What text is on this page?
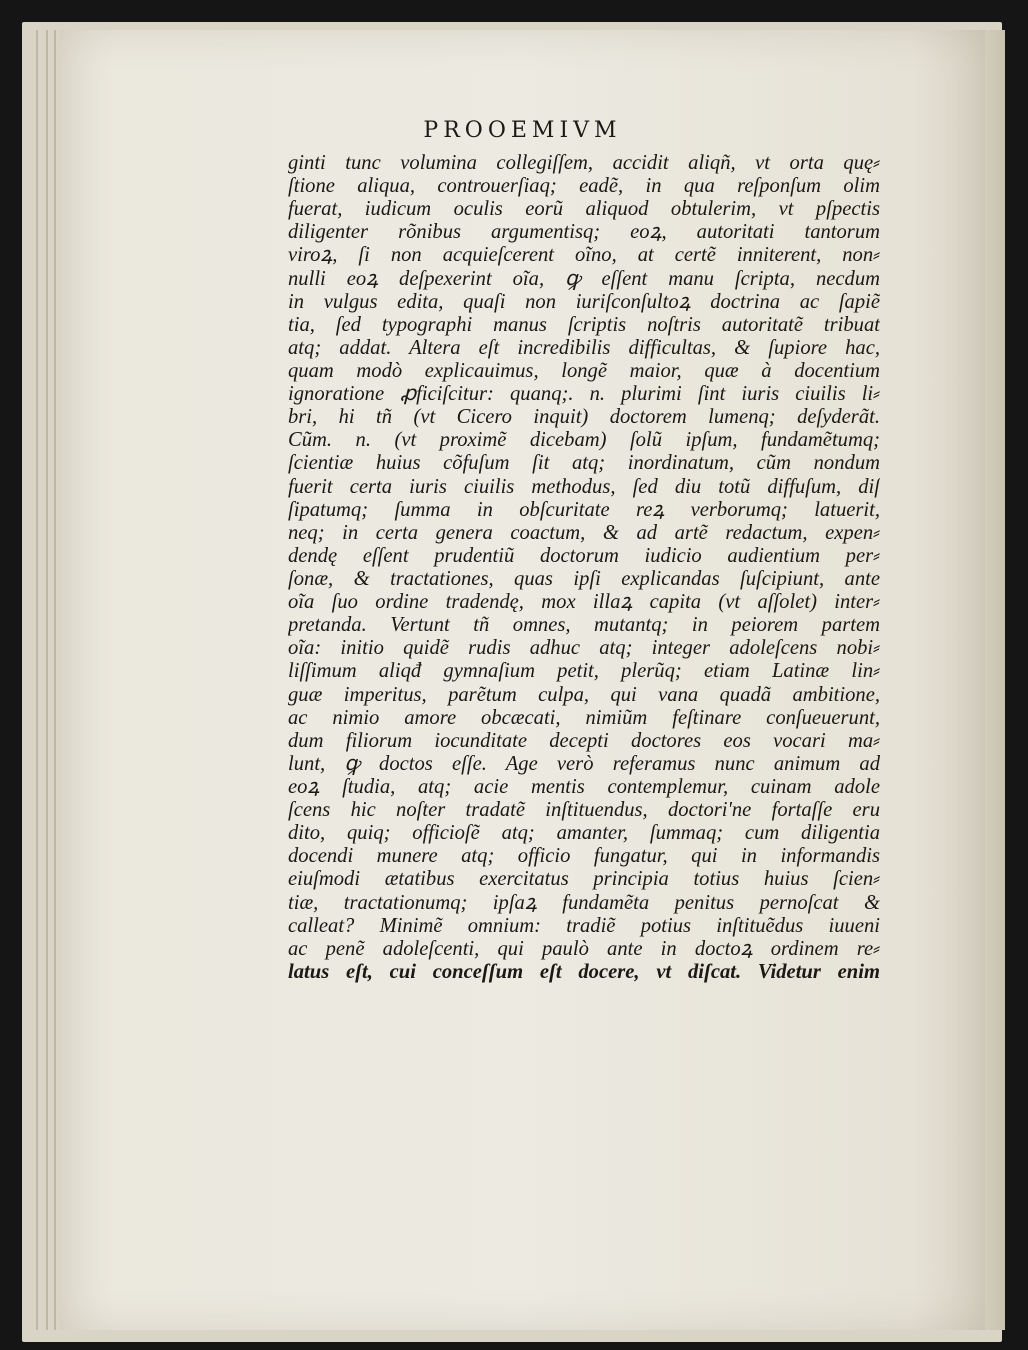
PROOEMIVM
ginti tunc volumina collegiſſem, accidit aliqñ, vt orta quę⸗
ſtione aliqua, controuerſiaq; eadẽ, in qua reſponſum olim
fuerat, iudicum oculis eorũ aliquod obtulerim, vt pſpectis
diligenter rõnibus argumentisq; eoꝝ, autoritati tantorum
viroꝝ, ſi non acquieſcerent oĩno, at certẽ inniterent, non⸗
nulli eoꝝ deſpexerint oĩa, ꝙ eſſent manu ſcripta, necdum
in vulgus edita, quaſi non iuriſconſultoꝝ doctrina ac ſapiẽ
tia, ſed typographi manus ſcriptis noſtris autoritatẽ tribuat
atq; addat. Altera eſt incredibilis difficultas, & ſupiore hac,
quam modò explicauimus, longẽ maior, quæ à docentium
ignoratione ꝓficiſcitur: quanq;. n. plurimi ſint iuris ciuilis li⸗
bri, hi tñ (vt Cicero inquit) doctorem lumenq; deſyderãt.
Cũm. n. (vt proximẽ dicebam) ſolũ ipſum, fundamẽtumq;
ſcientiæ huius cõfuſum ſit atq; inordinatum, cũm nondum
fuerit certa iuris ciuilis methodus, ſed diu totũ diffuſum, diſ
ſipatumq; ſumma in obſcuritate reꝝ verborumq; latuerit,
neq; in certa genera coactum, & ad artẽ redactum, expen⸗
dendę eſſent prudentiũ doctorum iudicio audientium per⸗
ſonæ, & tractationes, quas ipſi explicandas ſuſcipiunt, ante
oĩa ſuo ordine tradendę, mox illaꝝ capita (vt aſſolet) inter⸗
pretanda. Vertunt tñ omnes, mutantq; in peiorem partem
oĩa: initio quidẽ rudis adhuc atq; integer adoleſcens nobi⸗
liſſimum aliqđ gymnaſium petit, plerũq; etiam Latinæ lin⸗
guæ imperitus, parẽtum culpa, qui vana quadã ambitione,
ac nimio amore obcæcati, nimiũm feſtinare conſueuerunt,
dum filiorum iocunditate decepti doctores eos vocari ma⸗
lunt, ꝙ doctos eſſe. Age verò referamus nunc animum ad
eoꝝ ſtudia, atq; acie mentis contemplemur, cuinam adole
ſcens hic noſter tradatẽ inſtituendus, doctori'ne fortaſſe eru
dito, quiq; officioſẽ atq; amanter, ſummaq; cum diligentia
docendi munere atq; officio fungatur, qui in informandis
eiuſmodi ætatibus exercitatus principia totius huius ſcien⸗
tiæ, tractationumq; ipſaꝝ fundamẽta penitus pernoſcat &
calleat? Minimẽ omnium: tradiẽ potius inſtituẽdus iuueni
ac penẽ adoleſcenti, qui paulò ante in doctoꝝ ordinem re⸗
latus eſt, cui conceſſum eſt docere, vt diſcat. Videtur enim
